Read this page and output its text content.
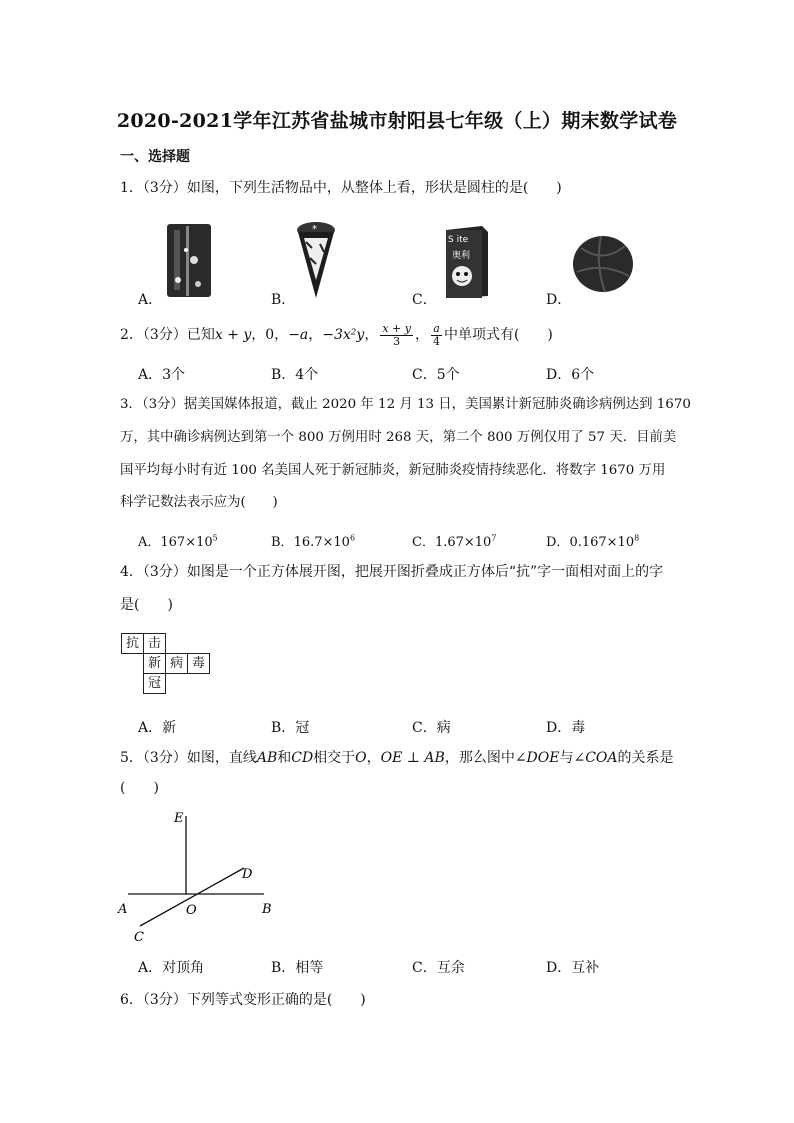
2020-2021学年江苏省盐城市射阳县七年级（上）期末数学试卷
一、选择题
1．（3分）如图，下列生活物品中，从整体上看，形状是圆柱的是(　　)
A．	B．
*
C．
S ite
奥利
D．
2．（3分）已知x + y，0，−a，−3x²y， $\frac{x + y}{3}$ ， $\frac{a}{4}$ 中单项式有(　　)
A．3个	B．4个	C．5个	D．6个
3．（3分）据美国媒体报道，截止 2020 年 12 月 13 日，美国累计新冠肺炎确诊病例达到 1670
万，其中确诊病例达到第一个 800 万例用时 268 天，第二个 800 万例仅用了 57 天．目前美
国平均每小时有近 100 名美国人死于新冠肺炎，新冠肺炎疫情持续恶化．将数字 1670 万用
科学记数法表示应为(　　)
A．$167\times 10^5$	B．$16.7\times 10^6$	C．$1.67\times 10^7$	D．$0.167\times 10^8$
4．（3分）如图是一个正方体展开图，把展开图折叠成正方体后“抗”字一面相对面上的字
是(　　)
抗 击
新 病 毒
冠
A．新	B．冠	C．病	D．毒
5．（3分）如图，直线AB和CD相交于O，OE ⊥ AB，那么图中∠DOE与∠COA的关系是
(　　)
E
D
A	O	B
C
A．对顶角	B．相等	C．互余	D．互补
6．（3分）下列等式变形正确的是(　　)
